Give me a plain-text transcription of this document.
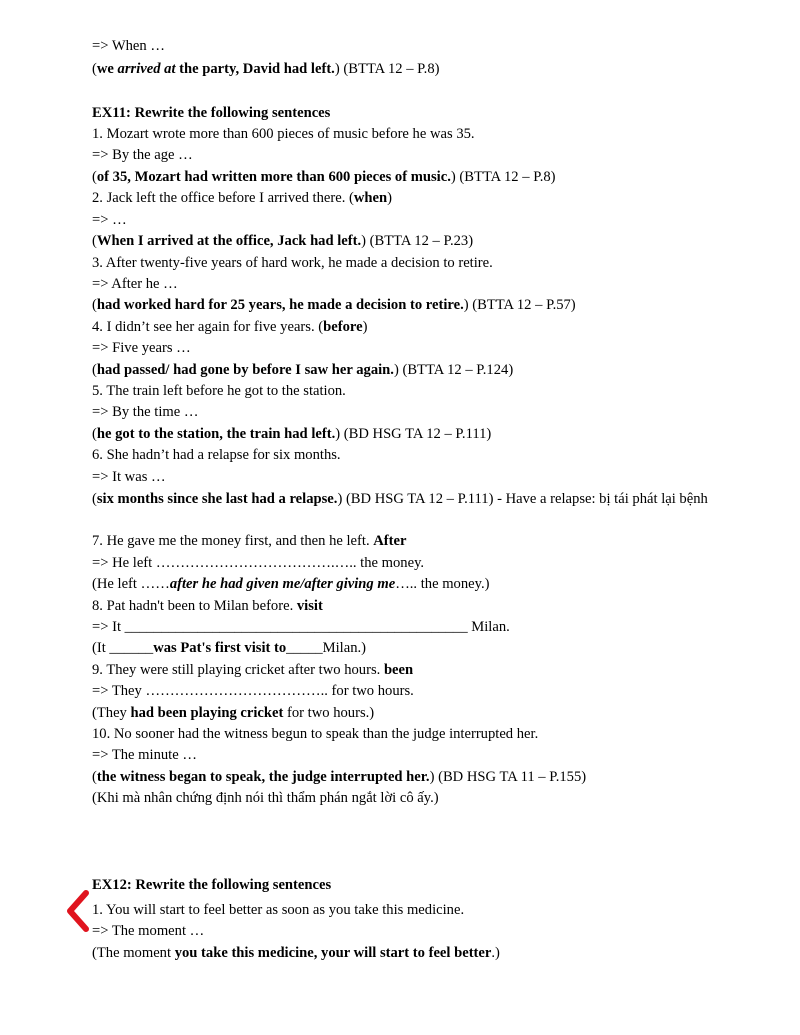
=> When …
(we arrived at the party, David had left.) (BTTA 12 – P.8)
EX11: Rewrite the following sentences
1. Mozart wrote more than 600 pieces of music before he was 35.
=> By the age …
(of 35, Mozart had written more than 600 pieces of music.) (BTTA 12 – P.8)
2. Jack left the office before I arrived there. (when)
=> …
(When I arrived at the office, Jack had left.) (BTTA 12 – P.23)
3. After twenty-five years of hard work, he made a decision to retire.
=> After he …
(had worked hard for 25 years, he made a decision to retire.) (BTTA 12 – P.57)
4. I didn’t see her again for five years. (before)
=> Five years …
(had passed/ had gone by before I saw her again.) (BTTA 12 – P.124)
5. The train left before he got to the station.
=> By the time …
(he got to the station, the train had left.) (BD HSG TA 12 – P.111)
6. She hadn’t had a relapse for six months.
=> It was …
(six months since she last had a relapse.) (BD HSG TA 12 – P.111) - Have a relapse: bị tái phát lại bệnh
7. He gave me the money first, and then he left. After
=> He left ……………………………….….. the money.
(He left ……after he had given me/after giving me….. the money.)
8. Pat hadn't been to Milan before. visit
=> It _______________________________________________ Milan.
(It ______was Pat's first visit to_____Milan.)
9. They were still playing cricket after two hours. been
=> They ……………………………….. for two hours.
(They had been playing cricket for two hours.)
10. No sooner had the witness begun to speak than the judge interrupted her.
=> The minute …
(the witness began to speak, the judge interrupted her.) (BD HSG TA 11 – P.155)
(Khi mà nhân chứng định nói thì thẩm phán ngắt lời cô ấy.)
EX12: Rewrite the following sentences
1. You will start to feel better as soon as you take this medicine.
=> The moment …
(The moment you take this medicine, your will start to feel better.)
